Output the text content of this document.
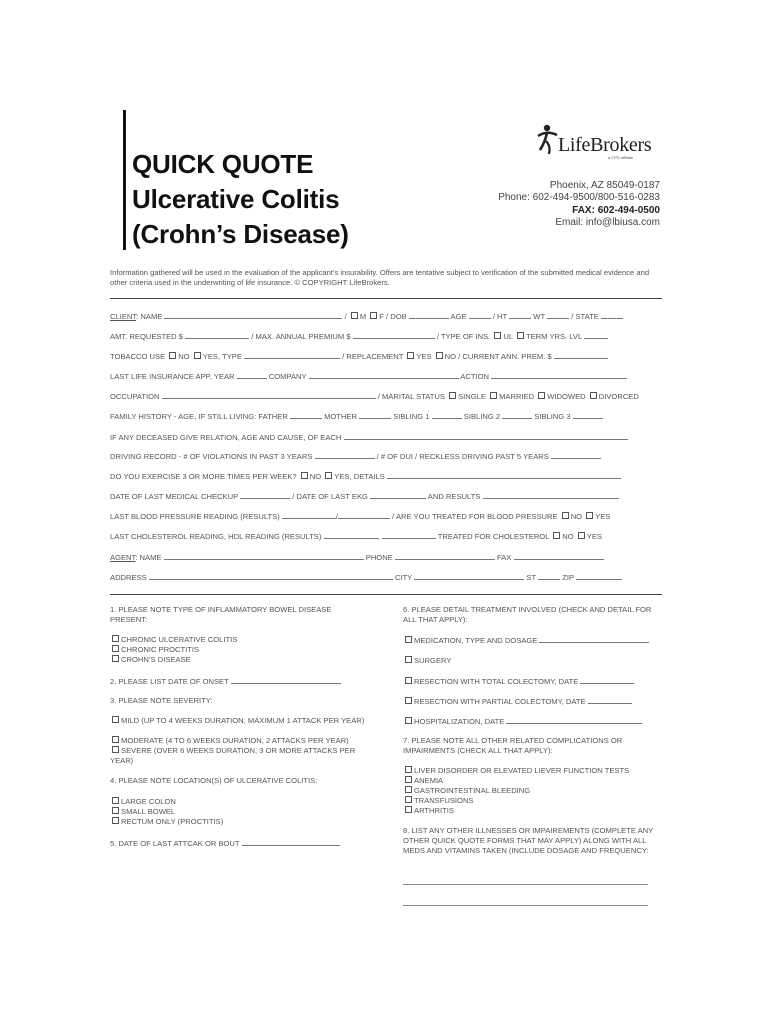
QUICK QUOTE
Ulcerative Colitis
(Crohn’s Disease)
LifeBrokers
a CPS affiliate
Phoenix, AZ 85049-0187
Phone: 602-494-9500/800-516-0283
FAX: 602-494-0500
Email: info@lbiusa.com
Information gathered will be used in the evaluation of the applicant’s insurability. Offers are tentative subject to verification of the submitted medical evidence and other criteria used in the underwriting of life insurance. © COPYRIGHT LifeBrokers.
CLIENT: NAME	/ M F / DOB	AGE	/ HT	WT	/ STATE
AMT. REQUESTED $	/ MAX. ANNUAL PREMIUM $	/ TYPE OF INS. UL TERM YRS. LVL
TOBACCO USE NO YES, TYPE	/ REPLACEMENT YES NO / CURRENT ANN. PREM. $
LAST LIFE INSURANCE APP. YEAR	COMPANY	ACTION
OCCUPATION	/ MARITAL STATUS SINGLE MARRIED WIDOWED DIVORCED
FAMILY HISTORY - AGE, IF STILL LIVING: FATHER	MOTHER	SIBLING 1	SIBLING 2	SIBLING 3
IF ANY DECEASED GIVE RELATION, AGE AND CAUSE, OF EACH
DRIVING RECORD - # OF VIOLATIONS IN PAST 3 YEARS	/ # OF DUI / RECKLESS DRIVING PAST 5 YEARS
DO YOU EXERCISE 3 OR MORE TIMES PER WEEK? NO YES, DETAILS
DATE OF LAST MEDICAL CHECKUP	/ DATE OF LAST EKG	AND RESULTS
LAST BLOOD PRESSURE READING (RESULTS)	/	/ ARE YOU TREATED FOR BLOOD PRESSURE NO YES
LAST CHOLESTEROL READING, HDL READING (RESULTS)	,	TREATED FOR CHOLESTEROL NO YES
AGENT: NAME	PHONE	FAX
ADDRESS	CITY	ST	ZIP
1. PLEASE NOTE TYPE OF INFLAMMATORY BOWEL DISEASE PRESENT:
CHRONIC ULCERATIVE COLITIS
CHRONIC PROCTITIS
CROHN’S DISEASE
2. PLEASE LIST DATE OF ONSET
3. PLEASE NOTE SEVERITY:
MILD (UP TO 4 WEEKS DURATION, MAXIMUM 1 ATTACK PER YEAR)
MODERATE (4 TO 6 WEEKS DURATION, 2 ATTACKS PER YEAR)
SEVERE (OVER 6 WEEKS DURATION, 3 OR MORE ATTACKS PER YEAR)
4. PLEASE NOTE LOCATION(S) OF ULCERATIVE COLITIS:
LARGE COLON
SMALL BOWEL
RECTUM ONLY (PROCTITIS)
5. DATE OF LAST ATTCAK OR BOUT
6. PLEASE DETAIL TREATMENT INVOLVED (CHECK AND DETAIL FOR ALL THAT APPLY):
MEDICATION, TYPE AND DOSAGE
SURGERY
RESECTION WITH TOTAL COLECTOMY, DATE
RESECTION WITH PARTIAL COLECTOMY, DATE
HOSPITALIZATION, DATE
7. PLEASE NOTE ALL OTHER RELATED COMPLICATIONS OR IMPAIRMENTS (CHECK ALL THAT APPLY):
LIVER DISORDER OR ELEVATED LIEVER FUNCTION TESTS
ANEMIA
GASTROINTESTINAL BLEEDING
TRANSFUSIONS
ARTHRITIS
8. LIST ANY OTHER ILLNESSES OR IMPAIREMENTS (COMPLETE ANY OTHER QUICK QUOTE FORMS THAT MAY APPLY) ALONG WITH ALL MEDS AND VITAMINS TAKEN (INCLUDE DOSAGE AND FREQUENCY:
